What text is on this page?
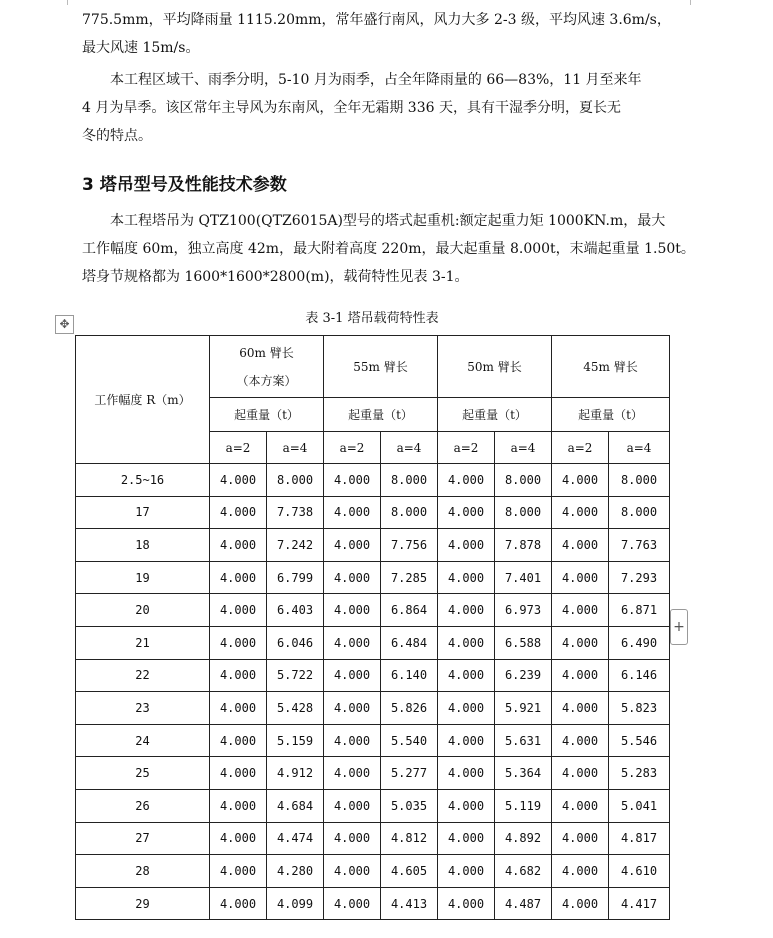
775.5mm，平均降雨量 1115.20mm，常年盛行南风，风力大多 2-3 级，平均风速 3.6m/s，
最大风速 15m/s。
　　本工程区域干、雨季分明，5-10 月为雨季，占全年降雨量的 66—83%，11 月至来年
4 月为旱季。该区常年主导风为东南风，全年无霜期 336 天，具有干湿季分明，夏长无
冬的特点。
3 塔吊型号及性能技术参数
　　本工程塔吊为 QTZ100(QTZ6015A)型号的塔式起重机:额定起重力矩 1000KN.m，最大
工作幅度 60m，独立高度 42m，最大附着高度 220m，最大起重量 8.000t，末端起重量 1.50t。
塔身节规格都为 1600*1600*2800(m)，载荷特性见表 3-1。
✥	表 3-1 塔吊载荷特性表
工作幅度 R（m）	60m 臂长
（本方案）		55m 臂长		50m 臂长		45m 臂长	
	起重量（t）		起重量（t）		起重量（t）		起重量（t）	
	a=2	a=4	a=2	a=4	a=2	a=4	a=2	a=4
2.5~16	4.000	8.000	4.000	8.000	4.000	8.000	4.000	8.000
17	4.000	7.738	4.000	8.000	4.000	8.000	4.000	8.000
18	4.000	7.242	4.000	7.756	4.000	7.878	4.000	7.763
19	4.000	6.799	4.000	7.285	4.000	7.401	4.000	7.293
20	4.000	6.403	4.000	6.864	4.000	6.973	4.000	6.871
21	4.000	6.046	4.000	6.484	4.000	6.588	4.000	6.490
22	4.000	5.722	4.000	6.140	4.000	6.239	4.000	6.146
23	4.000	5.428	4.000	5.826	4.000	5.921	4.000	5.823
24	4.000	5.159	4.000	5.540	4.000	5.631	4.000	5.546
25	4.000	4.912	4.000	5.277	4.000	5.364	4.000	5.283
26	4.000	4.684	4.000	5.035	4.000	5.119	4.000	5.041
27	4.000	4.474	4.000	4.812	4.000	4.892	4.000	4.817
28	4.000	4.280	4.000	4.605	4.000	4.682	4.000	4.610
29	4.000	4.099	4.000	4.413	4.000	4.487	4.000	4.417
+
